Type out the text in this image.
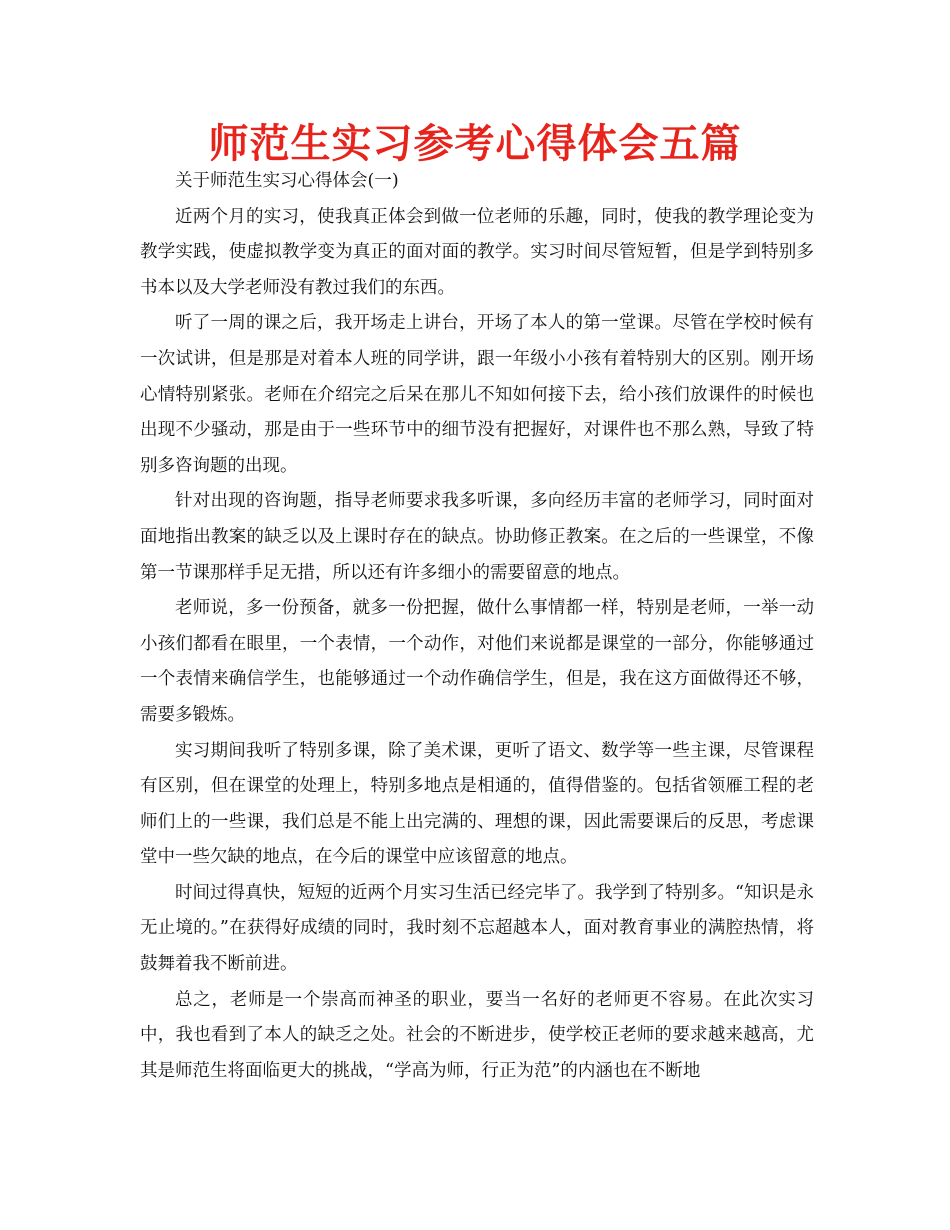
师范生实习参考心得体会五篇

关于师范生实习心得体会(一)

近两个月的实习，使我真正体会到做一位老师的乐趣，同时，使我的教学理论变为教学实践，使虚拟教学变为真正的面对面的教学。实习时间尽管短暂，但是学到特别多书本以及大学老师没有教过我们的东西。

听了一周的课之后，我开场走上讲台，开场了本人的第一堂课。尽管在学校时候有一次试讲，但是那是对着本人班的同学讲，跟一年级小小孩有着特别大的区别。刚开场心情特别紧张。老师在介绍完之后呆在那儿不知如何接下去，给小孩们放课件的时候也出现不少骚动，那是由于一些环节中的细节没有把握好，对课件也不那么熟，导致了特别多咨询题的出现。

针对出现的咨询题，指导老师要求我多听课，多向经历丰富的老师学习，同时面对面地指出教案的缺乏以及上课时存在的缺点。协助修正教案。在之后的一些课堂，不像第一节课那样手足无措，所以还有许多细小的需要留意的地点。

老师说，多一份预备，就多一份把握，做什么事情都一样，特别是老师，一举一动小孩们都看在眼里，一个表情，一个动作，对他们来说都是课堂的一部分，你能够通过一个表情来确信学生，也能够通过一个动作确信学生，但是，我在这方面做得还不够，需要多锻炼。

实习期间我听了特别多课，除了美术课，更听了语文、数学等一些主课，尽管课程有区别，但在课堂的处理上，特别多地点是相通的，值得借鉴的。包括省领雁工程的老师们上的一些课，我们总是不能上出完满的、理想的课，因此需要课后的反思，考虑课堂中一些欠缺的地点，在今后的课堂中应该留意的地点。

时间过得真快，短短的近两个月实习生活已经完毕了。我学到了特别多。“知识是永无止境的。”在获得好成绩的同时，我时刻不忘超越本人，面对教育事业的满腔热情，将鼓舞着我不断前进。

总之，老师是一个崇高而神圣的职业，要当一名好的老师更不容易。在此次实习中，我也看到了本人的缺乏之处。社会的不断进步，使学校正老师的要求越来越高，尤其是师范生将面临更大的挑战，“学高为师，行正为范”的内涵也在不断地
